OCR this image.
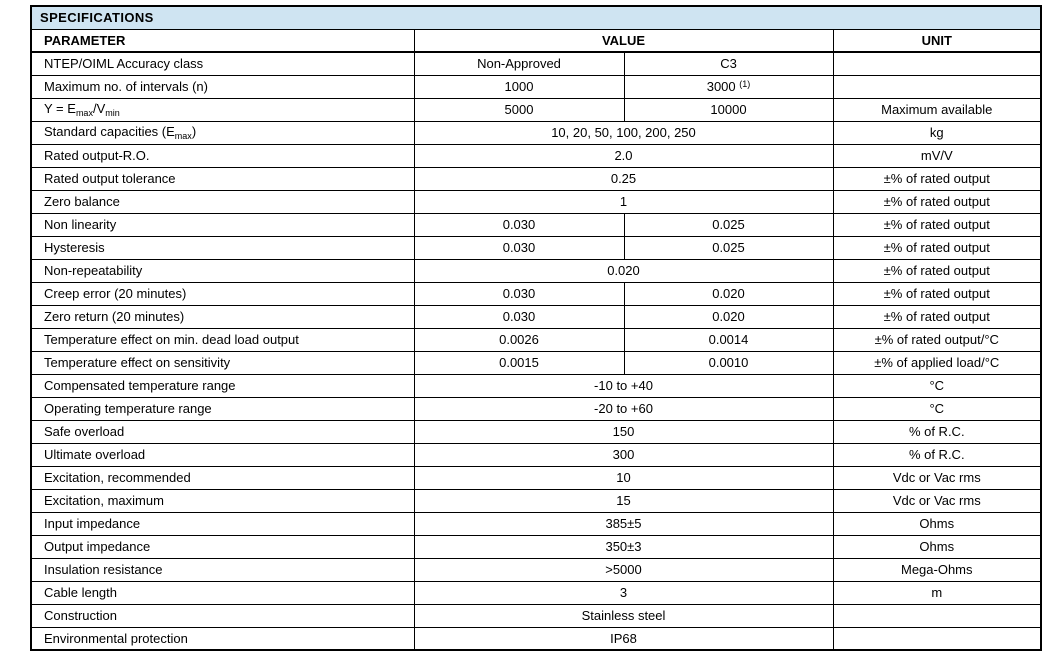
SPECIFICATIONS			
PARAMETER	VALUE		UNIT
NTEP/OIML Accuracy class	Non-Approved	C3	
Maximum no. of intervals (n)	1000	3000 $^{(1)}$	
$Y = E_{max}/V_{min}$	5000	10000	Maximum available
Standard capacities $(E_{max})$	10, 20, 50, 100, 200, 250		kg
Rated output-R.O.	2.0		mV/V
Rated output tolerance	0.25		±% of rated output
Zero balance	1		±% of rated output
Non linearity	0.030	0.025	±% of rated output
Hysteresis	0.030	0.025	±% of rated output
Non-repeatability	0.020		±% of rated output
Creep error (20 minutes)	0.030	0.020	±% of rated output
Zero return (20 minutes)	0.030	0.020	±% of rated output
Temperature effect on min. dead load output	0.0026	0.0014	±% of rated output/°C
Temperature effect on sensitivity	0.0015	0.0010	±% of applied load/°C
Compensated temperature range	-10 to +40		°C
Operating temperature range	-20 to +60		°C
Safe overload	150		% of R.C.
Ultimate overload	300		% of R.C.
Excitation, recommended	10		Vdc or Vac rms
Excitation, maximum	15		Vdc or Vac rms
Input impedance	385±5		Ohms
Output impedance	350±3		Ohms
Insulation resistance	>5000		Mega-Ohms
Cable length	3		m
Construction	Stainless steel		
Environmental protection	IP68		
